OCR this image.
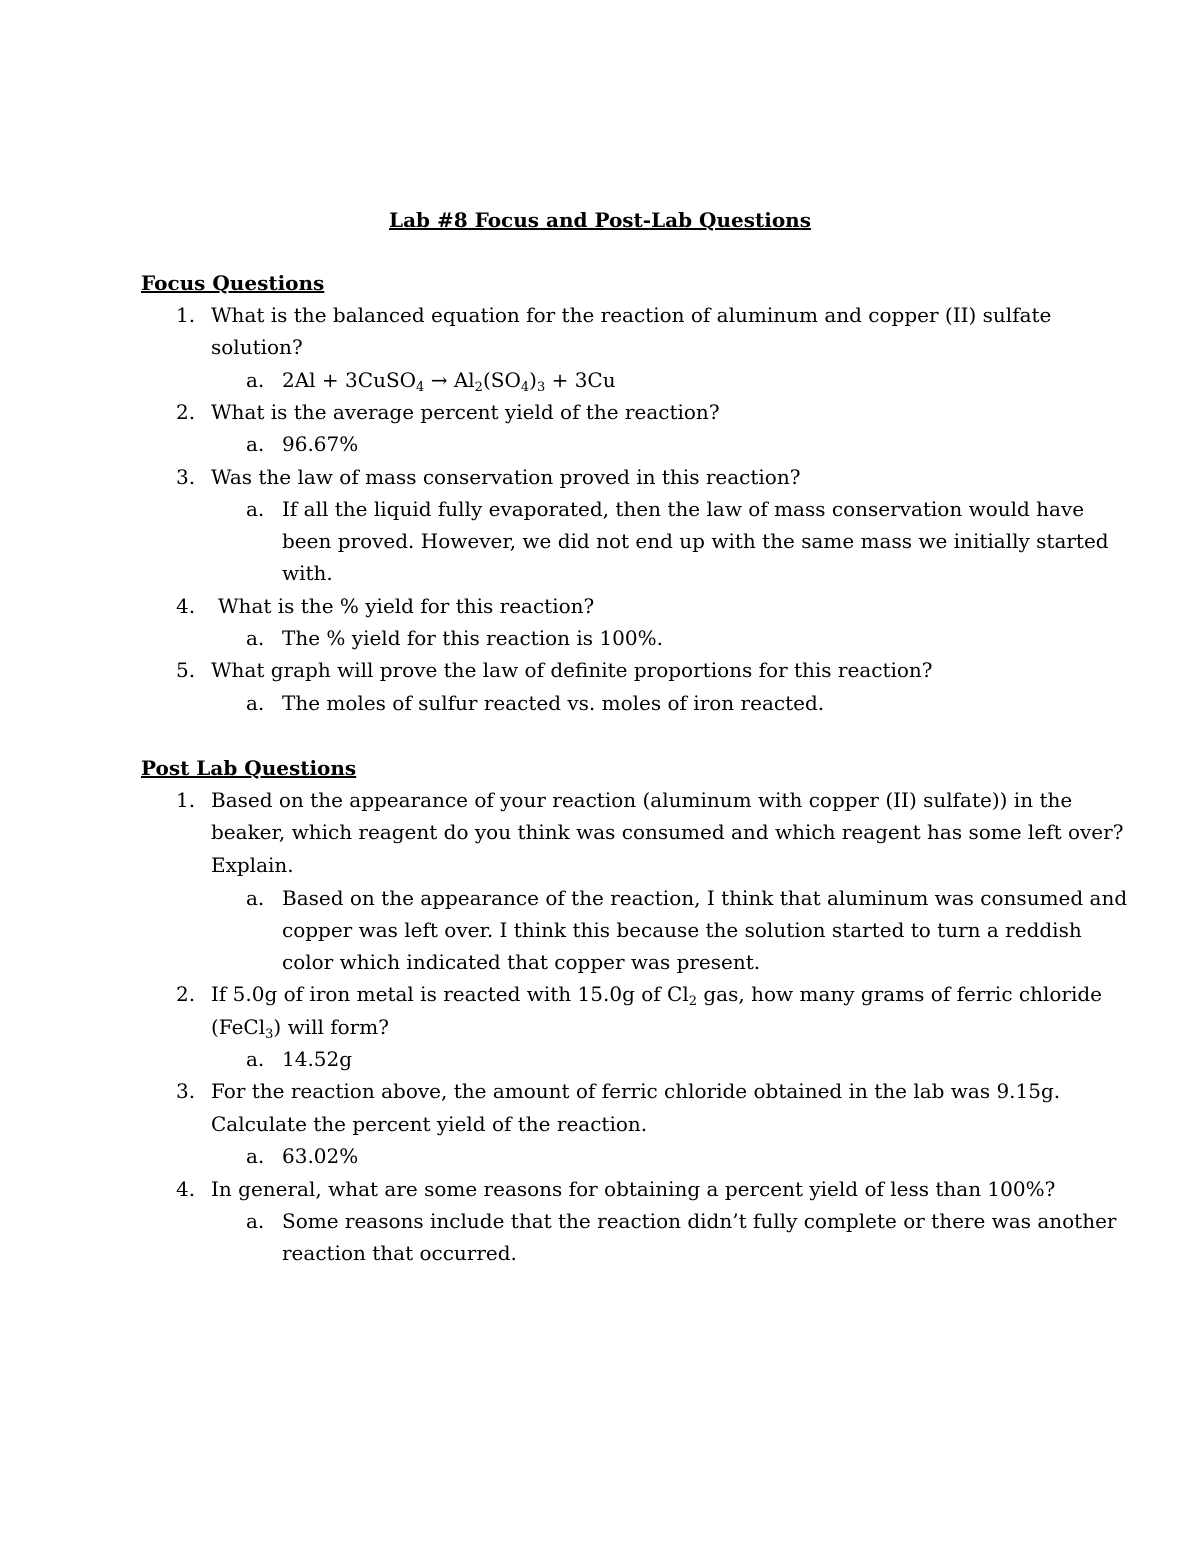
Lab #8 Focus and Post-Lab Questions
Focus Questions
1. What is the balanced equation for the reaction of aluminum and copper (II) sulfate
solution?
a. 2Al + 3CuSO$_4$ → $Al_2(SO_4)_3 + 3Cu$
2. What is the average percent yield of the reaction?
a. 96.67%
3. Was the law of mass conservation proved in this reaction?
a. If all the liquid fully evaporated, then the law of mass conservation would have
been proved. However, we did not end up with the same mass we initially started
with.
4. What is the % yield for this reaction?
a. The % yield for this reaction is 100%.
5. What graph will prove the law of definite proportions for this reaction?
a. The moles of sulfur reacted vs. moles of iron reacted.
Post Lab Questions
1. Based on the appearance of your reaction (aluminum with copper (II) sulfate)) in the
beaker, which reagent do you think was consumed and which reagent has some left over?
Explain.
a. Based on the appearance of the reaction, I think that aluminum was consumed and
copper was left over. I think this because the solution started to turn a reddish
color which indicated that copper was present.
2. If 5.0g of iron metal is reacted with 15.0g of $Cl_2$ gas, how many grams of ferric chloride
(FeCl$_3$) will form?
a. 14.52g
3. For the reaction above, the amount of ferric chloride obtained in the lab was 9.15g.
Calculate the percent yield of the reaction.
a. 63.02%
4. In general, what are some reasons for obtaining a percent yield of less than 100%?
a. Some reasons include that the reaction didn’t fully complete or there was another
reaction that occurred.
